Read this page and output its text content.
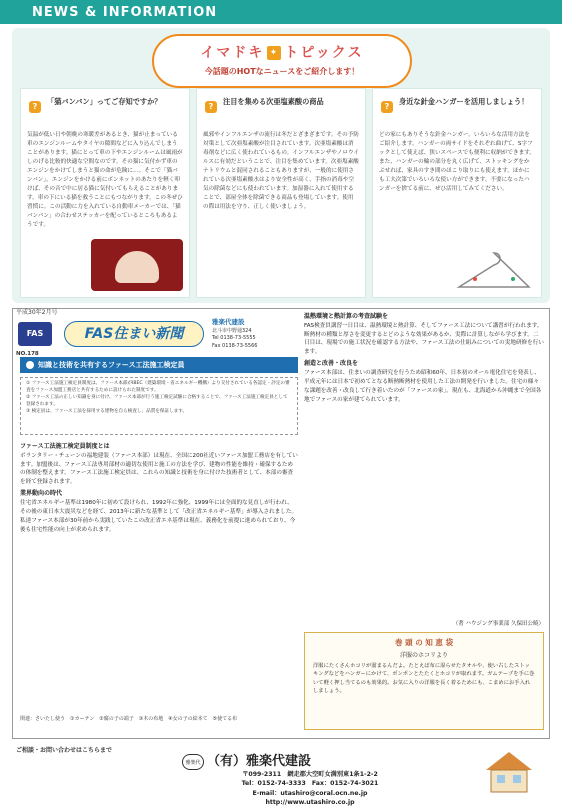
NEWS & INFORMATION
イマドキ ✦ トピックス
今話題のHOTなニュースをご紹介します！
?
「猫バンバン」ってご存知ですか？
気温が低い日や朝晩の寒暖差があるとき、猫が止まっている車のエンジンルームやタイヤの隙間などに入り込んでしまうことがあります。猫にとって車の下やエンジンルームは風雨がしのげる比較的快適な空間なのです。その猫に気付かず車のエンジンをかけてしまうと猫の命が危険に…。そこで「猫バンバン」。エンジンをかける前にボンネットのあたりを軽く叩けば、その音で中に居る猫に気付いてもらえることがあります。車の下にいる猫を救うことにもつながります。この冬ぜひ習慣に。この活動に力を入れている自動車メーカーでは、「猫バンバン」の合わせステッカーを配っているところもあるようです。
?
注目を集める次亜塩素酸の商品
風邪やインフルエンザの流行は冬だとざまざまです。その予防対策として次亜塩素酸が注目されています。次亜塩素酸は消毒剤などに広く使われているもの。インフルエンザやノロウイルスに有効だということで、注目を集めています。次亜塩素酸ナトリウムと混同されることもありますが、一般的に使用されている次亜塩素酸水はより安全性が高く、手指の消毒や空気の除菌などにも使われています。加湿器に入れて使用することで、部屋全体を除菌できる商品も登場しています。使用の際は用法を守り、正しく使いましょう。
?
身近な針金ハンガーを活用しましょう！
どの家にもありそうな針金ハンガー。いろいろな活用方法をご紹介します。ハンガーの両サイドをそれぞれ曲げて、S字フックとして使えば、狭いスペースでも便利に収納ができます。また、ハンガーの輪の部分を丸く広げて、ストッキングをかぶせれば、家具のすき間のほこり取りにも使えます。ほかにも工夫次第でいろいろな使い方ができます。不要になったハンガーを捨てる前に、ぜひ活用してみてください。
平成30年2月号
FAS
NO.178
FAS住まい新聞
雅楽代建設
北斗市中野通324
Tel 0138-73-5555
Fax 0138-73-5566
知識と技術を共有するファース工法施工検定員
① ファース工法施工検定員制度は、ファース本部がIBEC（建築環境・省エネルギー機構）より交付されている各認定・評定の審査をファース加盟工務店と共有するために設けられた制度です。
② ファース工法の正しい知識を身に付け、ファース本部が行う施工検定試験に合格することで、ファース工法施工検定員として登録されます。
③ 検定員は、ファース工法を採用する建物を自ら検査し、品質を保証します。
ファース工法施工検定員制度とは
ボランタリー・チェーンの福地建装（ファース本部）は現在、全国に200社近いファース加盟工務店を有しています。加盟後は、ファース工法専用部材の適切な使用と施工の方法を学び、建物の性能を維持・確保するための体制を整えます。ファース工法施工検定員は、これらの知識と技術を身に付けた技術者として、本部の審査を経て登録されます。
業界動向の時代
住宅省エネルギー基準は1980年に初めて設けられ、1992年に強化、1999年には全面的な見直しが行われ、その後の東日本大震災などを経て、2013年に新たな基準として「改正省エネルギー基準」が導入されました。私達ファース本部が30年前から実践していたこの改正省エネ基準は現在、義務化を前提に進められており、今後も住宅性能の向上が求められます。
温熱環境と熱計算の考査試験を
FAS検査員講習一日目は、温熱環境と熱計算、そしてファース工法について講習が行われます。断熱材の種類と厚さを変更するとどのような効果があるか、実際に計算しながら学びます。二日目は、現場での施工状況を確認する方法や、ファース工法の仕組みについての実地研修を行います。
創造と改善・改良を
ファース本部は、住まいの調査研究を行うため昭和60年、日本初のオール電化住宅を発表し、平成元年には日本で初めてとなる断熱断熱材を使用した工法の開発を行いました。住宅の様々な課題を改善・改良して行き着いたのが「ファースの家」。現在も、北海道から沖縄まで全国各地でファースの家が建てられています。
（著 ハウジング事業部 久保田公暁）
巻 頭 の 知 恵 袋
洋服のホコリより
洋服にたくさんホコリが溜まるんだよ。たとえば布に湿らせたタオルや、使い古したストッキングなどをハンガーにかけて、ポンポンとたたくとホコリが取れます。ガムテープを手に巻いて軽く押し当てるのも効果的。お気に入りの洋服を長く着るためにも、こまめにお手入れしましょう。
関連：さいたし使う　①カーテン　②腐の子の端子　③木の布地　④女の子の絵本て　⑤使てる布
ご相談・お問い合わせはこちらまで
雅楽代 （有）雅楽代建設
〒099-2311　網走郡大空町女満別東1条1-2-2
Tel：0152-74-3333　Fax：0152-74-3021
E-mail：utashiro@coral.ocn.ne.jp
http://www.utashiro.co.jp
